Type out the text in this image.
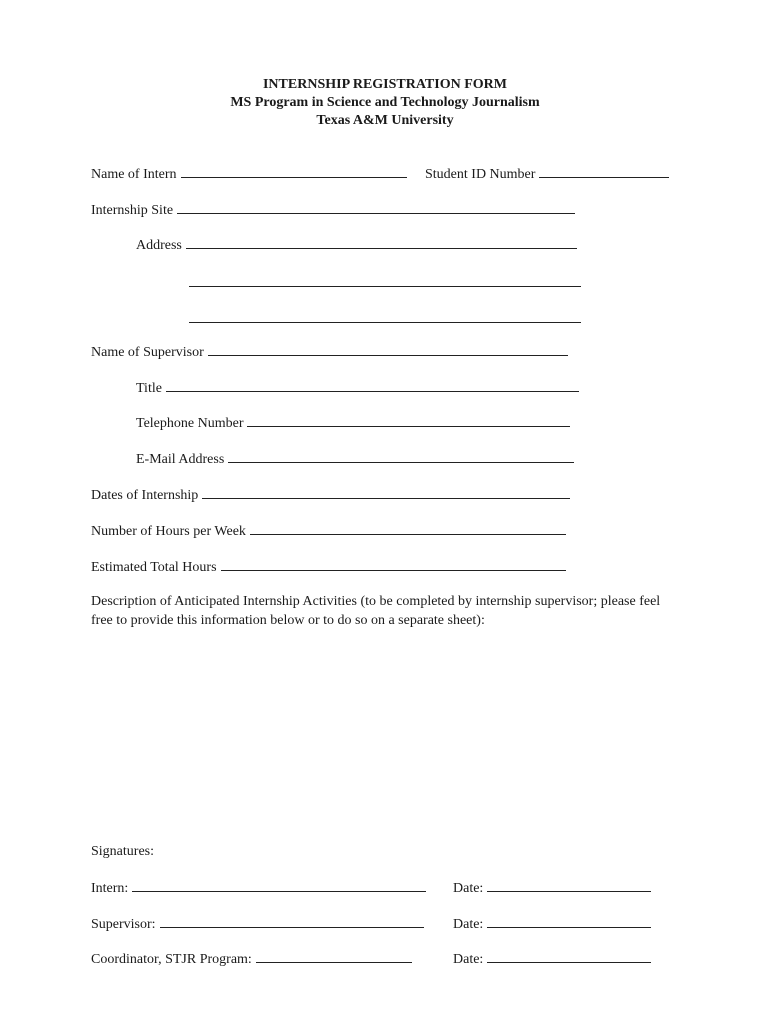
INTERNSHIP REGISTRATION FORM
MS Program in Science and Technology Journalism
Texas A&M University
Name of Intern	Student ID Number
Internship Site
Address
Name of Supervisor
Title
Telephone Number
E-Mail Address
Dates of Internship
Number of Hours per Week
Estimated Total Hours
Description of Anticipated Internship Activities (to be completed by internship supervisor; please feel free to provide this information below or to do so on a separate sheet):
Signatures:
Intern:	Date:
Supervisor:	Date:
Coordinator, STJR Program:	Date:
